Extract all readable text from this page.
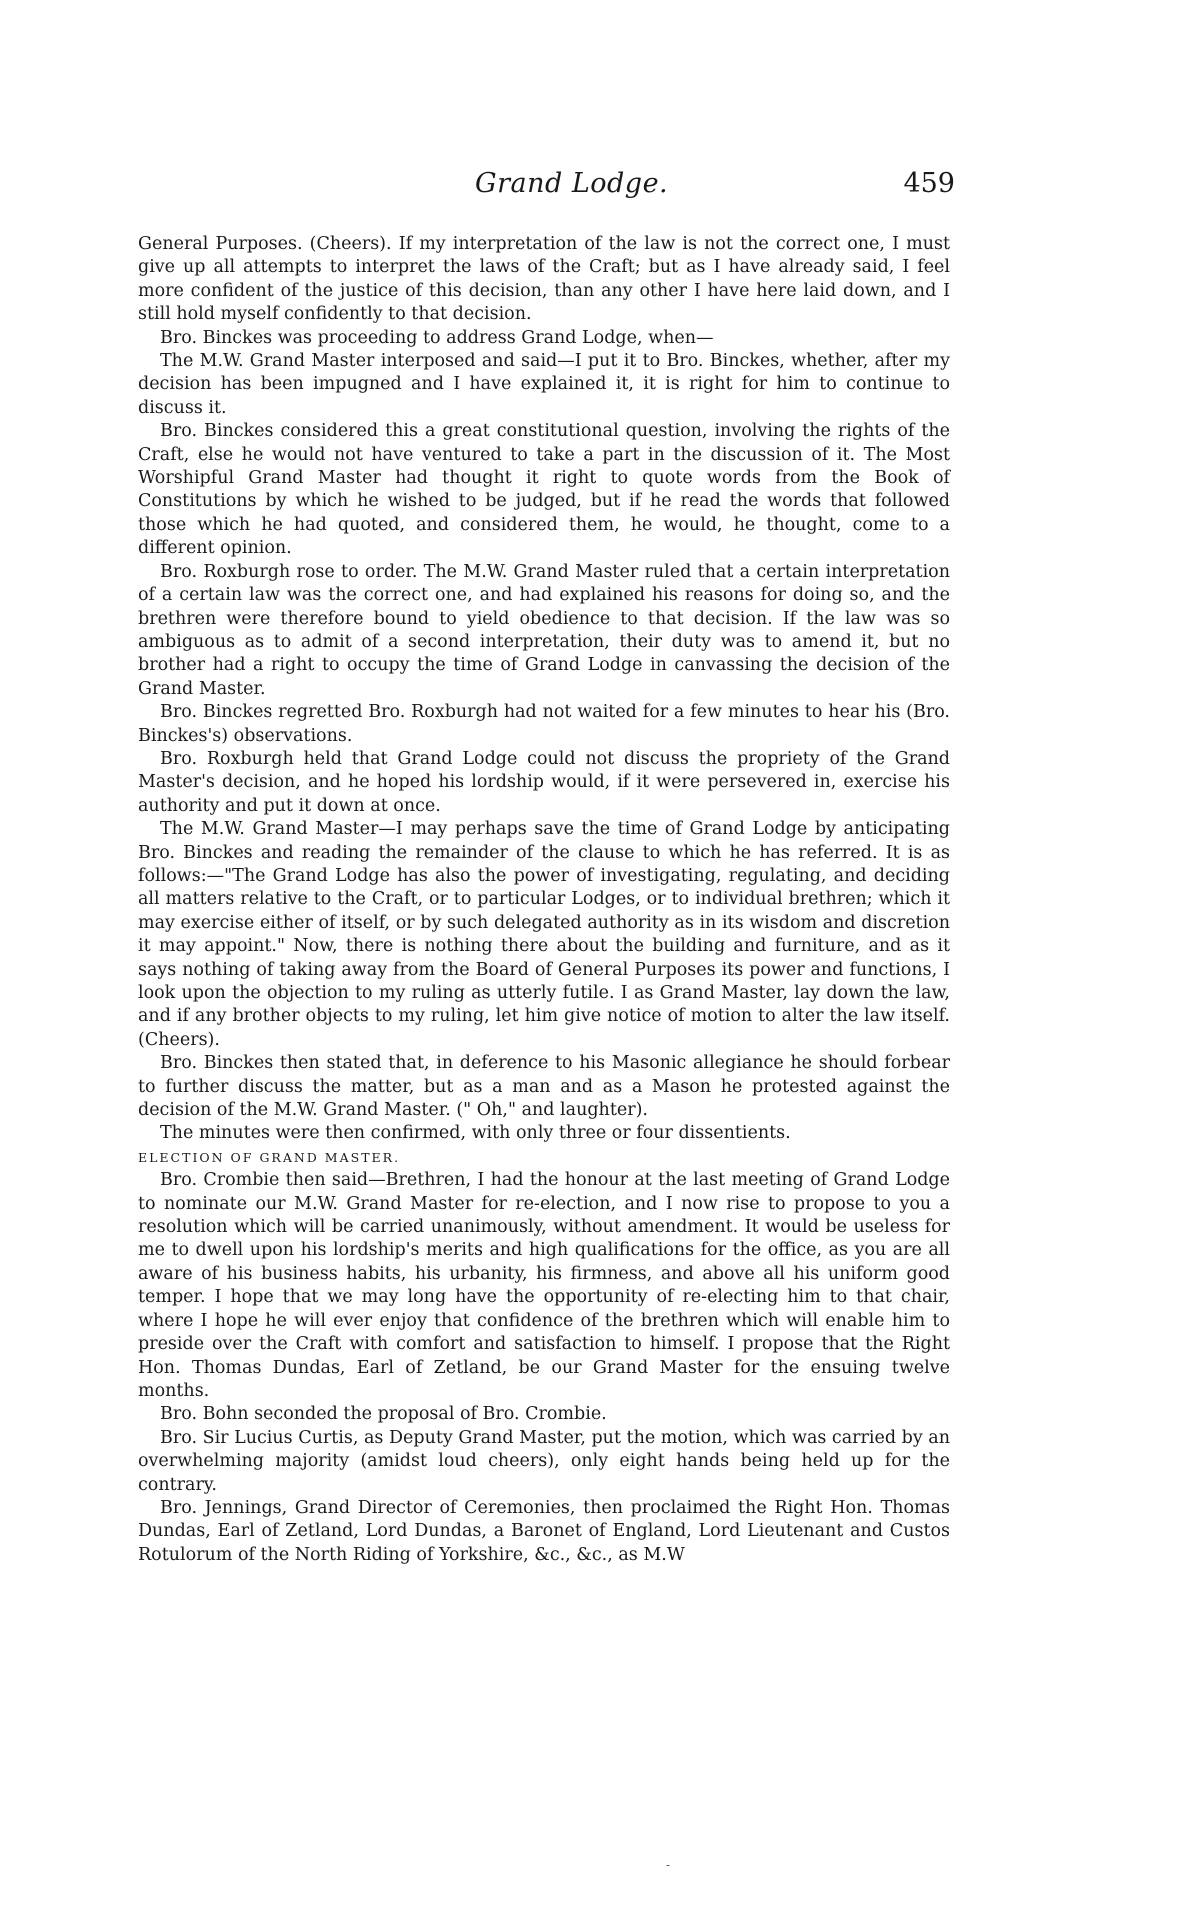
Grand Lodge.	459

General Purposes. (Cheers). If my interpretation of the law is not the correct one, I must give up all attempts to interpret the laws of the Craft; but as I have already said, I feel more confident of the justice of this decision, than any other I have here laid down, and I still hold myself confidently to that decision.

Bro. Binckes was proceeding to address Grand Lodge, when—

The M.W. Grand Master interposed and said—I put it to Bro. Binckes, whether, after my decision has been impugned and I have explained it, it is right for him to continue to discuss it.

Bro. Binckes considered this a great constitutional question, involving the rights of the Craft, else he would not have ventured to take a part in the discussion of it. The Most Worshipful Grand Master had thought it right to quote words from the Book of Constitutions by which he wished to be judged, but if he read the words that followed those which he had quoted, and considered them, he would, he thought, come to a different opinion.

Bro. Roxburgh rose to order. The M.W. Grand Master ruled that a certain interpretation of a certain law was the correct one, and had explained his reasons for doing so, and the brethren were therefore bound to yield obedience to that decision. If the law was so ambiguous as to admit of a second interpretation, their duty was to amend it, but no brother had a right to occupy the time of Grand Lodge in canvassing the decision of the Grand Master.

Bro. Binckes regretted Bro. Roxburgh had not waited for a few minutes to hear his (Bro. Binckes's) observations.

Bro. Roxburgh held that Grand Lodge could not discuss the propriety of the Grand Master's decision, and he hoped his lordship would, if it were persevered in, exercise his authority and put it down at once.

The M.W. Grand Master—I may perhaps save the time of Grand Lodge by anticipating Bro. Binckes and reading the remainder of the clause to which he has referred. It is as follows:—"The Grand Lodge has also the power of investigating, regulating, and deciding all matters relative to the Craft, or to particular Lodges, or to individual brethren; which it may exercise either of itself, or by such delegated authority as in its wisdom and discretion it may appoint." Now, there is nothing there about the building and furniture, and as it says nothing of taking away from the Board of General Purposes its power and functions, I look upon the objection to my ruling as utterly futile. I as Grand Master, lay down the law, and if any brother objects to my ruling, let him give notice of motion to alter the law itself. (Cheers).

Bro. Binckes then stated that, in deference to his Masonic allegiance he should forbear to further discuss the matter, but as a man and as a Mason he protested against the decision of the M.W. Grand Master. (" Oh," and laughter).

The minutes were then confirmed, with only three or four dissentients.

ELECTION OF GRAND MASTER.

Bro. Crombie then said—Brethren, I had the honour at the last meeting of Grand Lodge to nominate our M.W. Grand Master for re-election, and I now rise to propose to you a resolution which will be carried unanimously, without amendment. It would be useless for me to dwell upon his lordship's merits and high qualifications for the office, as you are all aware of his business habits, his urbanity, his firmness, and above all his uniform good temper. I hope that we may long have the opportunity of re-electing him to that chair, where I hope he will ever enjoy that confidence of the brethren which will enable him to preside over the Craft with comfort and satisfaction to himself. I propose that the Right Hon. Thomas Dundas, Earl of Zetland, be our Grand Master for the ensuing twelve months.

Bro. Bohn seconded the proposal of Bro. Crombie.

Bro. Sir Lucius Curtis, as Deputy Grand Master, put the motion, which was carried by an overwhelming majority (amidst loud cheers), only eight hands being held up for the contrary.

Bro. Jennings, Grand Director of Ceremonies, then proclaimed the Right Hon. Thomas Dundas, Earl of Zetland, Lord Dundas, a Baronet of England, Lord Lieutenant and Custos Rotulorum of the North Riding of Yorkshire, &c., &c., as M.W

-
